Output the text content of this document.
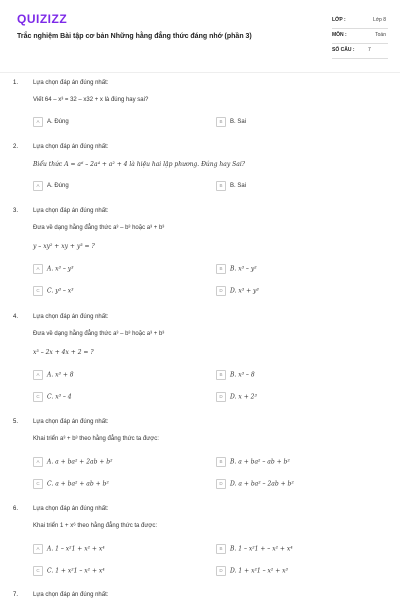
QUIZIZZ
Trắc nghiệm Bài tập cơ bản Những hằng đẳng thức đáng nhớ (phần 3)
LỚP :	Lớp 8
MÔN :	Toán
SỐ CÂU :	7
1. Lựa chọn đáp án đúng nhất:
Viết 64 – x³ = 32 – x32 + x là đúng hay sai?
A A. Đúng	B B. Sai
2. Lựa chọn đáp án đúng nhất:
Biểu thức A = a⁶ – 2a⁴ + a² + 4 là hiệu hai lập phương. Đúng hay Sai?
A A. Đúng	B B. Sai
3. Lựa chọn đáp án đúng nhất:
Đưa về dạng hằng đẳng thức a³ – b³ hoặc a³ + b³
y – xy² + xy + y³ = ?
A A. x³ – y³	B B. x³ – y²
C C. y³ – x³	D D. x³ + y³
4. Lựa chọn đáp án đúng nhất:
Đưa về dạng hằng đẳng thức a³ – b³ hoặc a³ + b³
x³ – 2x + 4x + 2 = ?
A A. x³ + 8	B B. x³ – 8
C C. x³ – 4	D D. x + 2³
5. Lựa chọn đáp án đúng nhất:
Khai triển a³ + b³ theo hằng đẳng thức ta được:
A A. a + ba² + 2ab + b²	B B. a + ba² – ab + b²
C C. a + ba² + ab + b²	D D. a + ba² – 2ab + b²
6. Lựa chọn đáp án đúng nhất:
Khai triển 1 + x⁶ theo hằng đẳng thức ta được:
A A. 1 – x²1 + x² + x⁴	B B. 1 – x²1 + – x² + x⁴
C C. 1 + x²1 – x² + x⁴	D D. 1 + x²1 – x² + x³
7. Lựa chọn đáp án đúng nhất:
